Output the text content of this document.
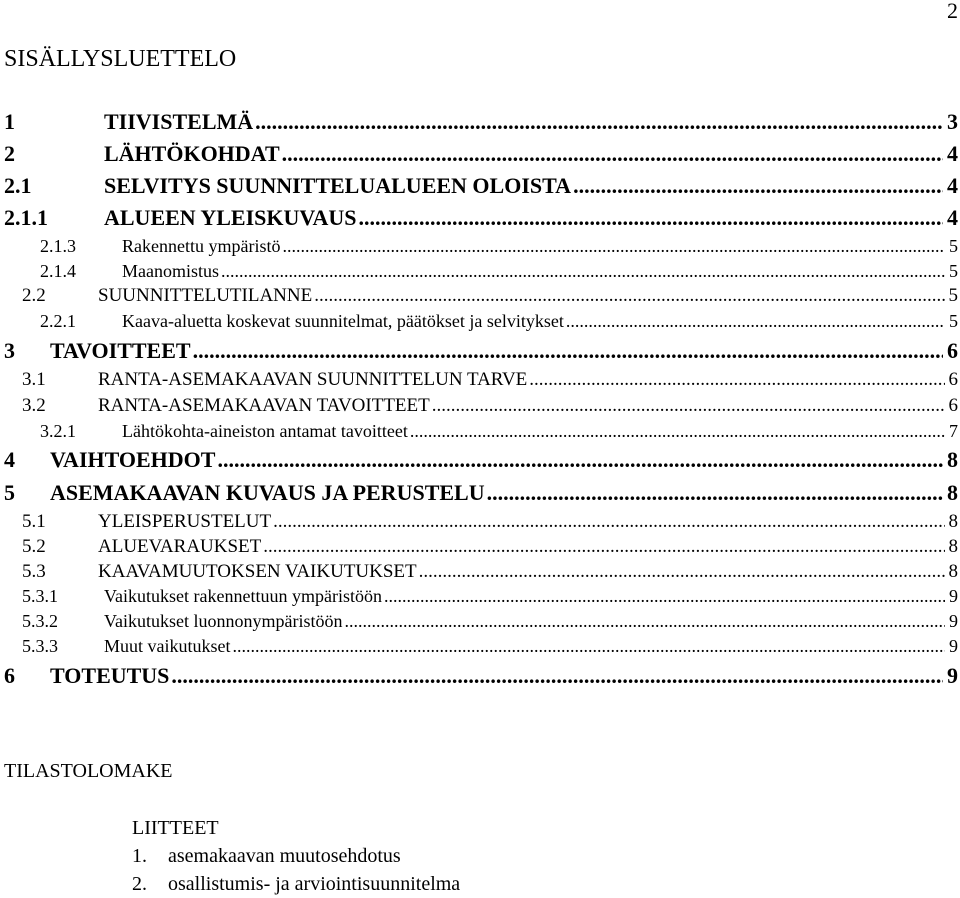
2
SISÄLLYSLUETTELO
1	TIIVISTELMÄ .....	3
2	LÄHTÖKOHDAT .....	4
2.1	SELVITYS SUUNNITTELUALUEEN OLOISTA .....	4
2.1.1	ALUEEN YLEISKUVAUS .....	4
2.1.3	Rakennettu ympäristö .....	5
2.1.4	Maanomistus .....	5
2.2	SUUNNITTELUTILANNE .....	5
2.2.1	Kaava-aluetta koskevat suunnitelmat, päätökset ja selvitykset .....	5
3	TAVOITTEET .....	6
3.1	RANTA-ASEMAKAAVAN SUUNNITTELUN TARVE .....	6
3.2	RANTA-ASEMAKAAVAN TAVOITTEET .....	6
3.2.1	Lähtökohta-aineiston antamat tavoitteet .....	7
4	VAIHTOEHDOT .....	8
5	ASEMAKAAVAN KUVAUS JA PERUSTELU .....	8
5.1	YLEISPERUSTELUT .....	8
5.2	ALUEVARAUKSET .....	8
5.3	KAAVAMUUTOKSEN VAIKUTUKSET .....	8
5.3.1	Vaikutukset rakennettuun ympäristöön .....	9
5.3.2	Vaikutukset luonnonympäristöön .....	9
5.3.3	Muut vaikutukset .....	9
6	TOTEUTUS .....	9
TILASTOLOMAKE
LIITTEET
1. asemakaavan muutosehdotus
2. osallistumis- ja arviointisuunnitelma
